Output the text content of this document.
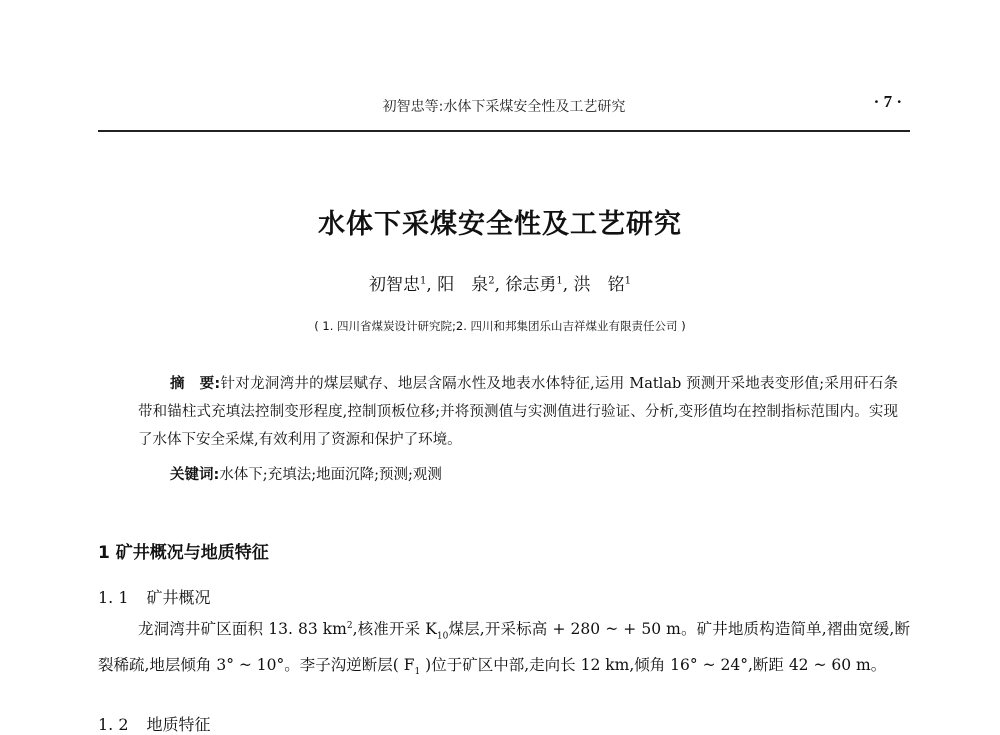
初智忠等:水体下采煤安全性及工艺研究	· 7 ·
水体下采煤安全性及工艺研究
初智忠$^1$, 阳　泉$^2$, 徐志勇$^1$, 洪　铭$^1$
( 1. 四川省煤炭设计研究院;2. 四川和邦集团乐山吉祥煤业有限责任公司 )
摘　要:针对龙洞湾井的煤层赋存、地层含隔水性及地表水体特征,运用 Matlab 预测开采地表变形值;采用矸石条带和锚柱式充填法控制变形程度,控制顶板位移;并将预测值与实测值进行验证、分析,变形值均在控制指标范围内。实现了水体下安全采煤,有效利用了资源和保护了环境。
关键词:水体下;充填法;地面沉降;预测;观测
1 矿井概况与地质特征
1. 1 矿井概况
龙洞湾井矿区面积 13. 83 $km^2$,核准开采 $K_{10}$煤层,开采标高 + 280 ~ + 50 m。矿井地质构造简单,褶曲宽缓,断裂稀疏,地层倾角 3° ~ 10°。李子沟逆断层( $F_1$ )位于矿区中部,走向长 12 km,倾角 16° ~ 24°,断距 42 ~ 60 m。
1. 2 地质特征
